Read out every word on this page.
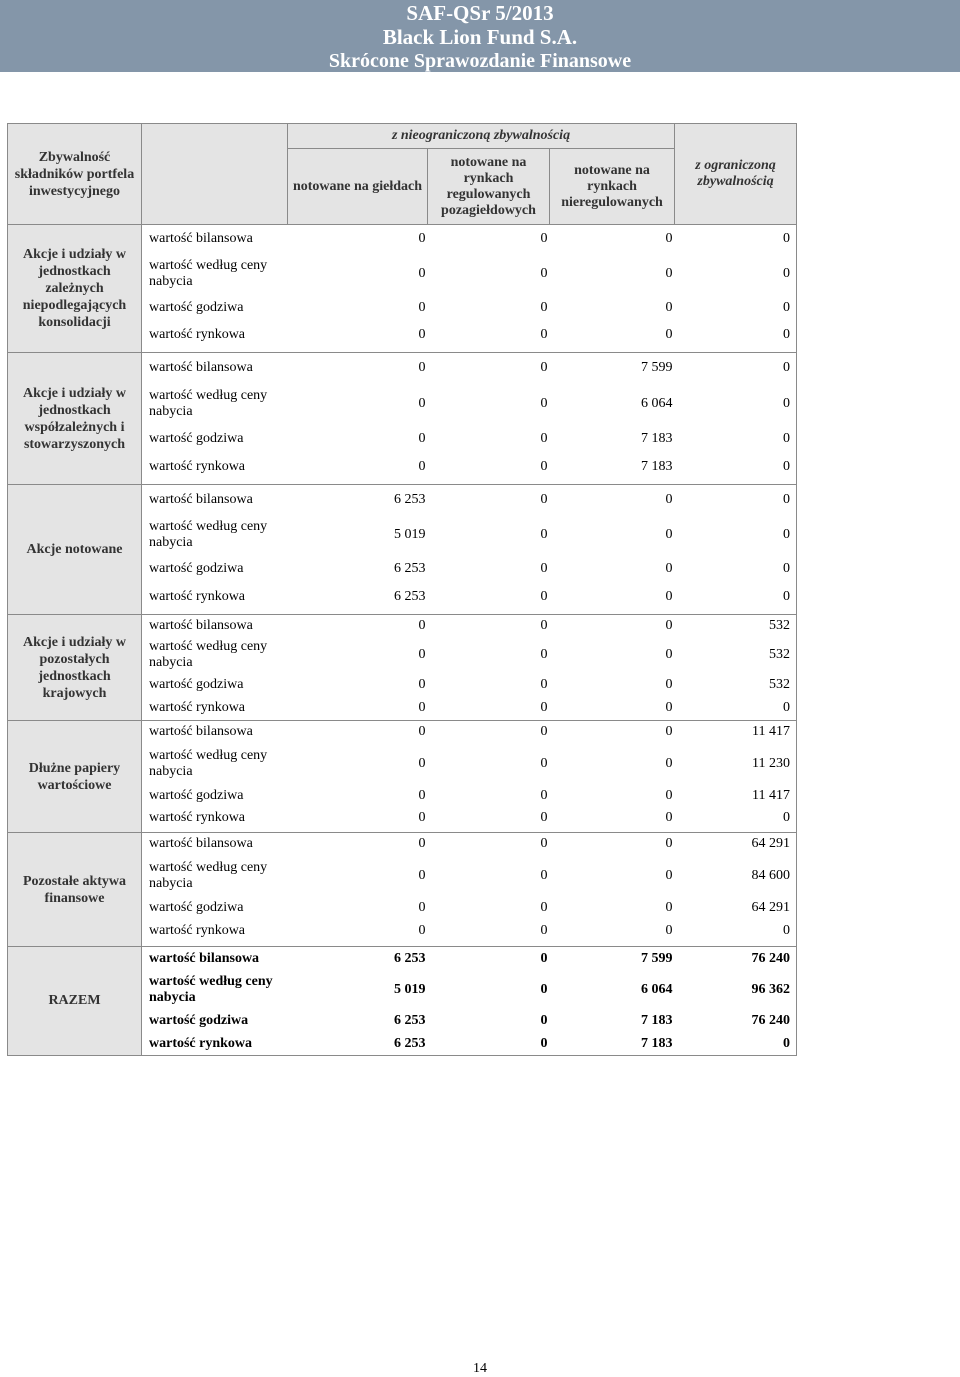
SAF-QSr 5/2013
Black Lion Fund S.A.
Skrócone Sprawozdanie Finansowe
Zbywalność składników portfela inwestycyjnego		z nieograniczoną zbywalnością			z ograniczoną zbywalnością
		notowane na giełdach	notowane na rynkach regulowanych pozagiełdowych	notowane na rynkach nieregulowanych	
Akcje i udziały w jednostkach zależnych niepodlegających konsolidacji	wartość bilansowa	0	0	0	0
	wartość według ceny nabycia	0	0	0	0
	wartość godziwa	0	0	0	0
	wartość rynkowa	0	0	0	0

Akcje i udziały w jednostkach współzależnych i stowarzyszonych	wartość bilansowa	0	0	7 599	0
	wartość według ceny nabycia	0	0	6 064	0
	wartość godziwa	0	0	7 183	0
	wartość rynkowa	0	0	7 183	0

Akcje notowane	wartość bilansowa	6 253	0	0	0
	wartość według ceny nabycia	5 019	0	0	0
	wartość godziwa	6 253	0	0	0
	wartość rynkowa	6 253	0	0	0

Akcje i udziały w pozostałych jednostkach krajowych	wartość bilansowa	0	0	0	532
	wartość według ceny nabycia	0	0	0	532
	wartość godziwa	0	0	0	532
	wartość rynkowa	0	0	0	0

Dłużne papiery wartościowe	wartość bilansowa	0	0	0	11 417
	wartość według ceny nabycia	0	0	0	11 230
	wartość godziwa	0	0	0	11 417
	wartość rynkowa	0	0	0	0

Pozostałe aktywa finansowe	wartość bilansowa	0	0	0	64 291
	wartość według ceny nabycia	0	0	0	84 600
	wartość godziwa	0	0	0	64 291
	wartość rynkowa	0	0	0	0

RAZEM	wartość bilansowa	6 253	0	7 599	76 240
	wartość według ceny nabycia	5 019	0	6 064	96 362
	wartość godziwa	6 253	0	7 183	76 240
	wartość rynkowa	6 253	0	7 183	0

14
